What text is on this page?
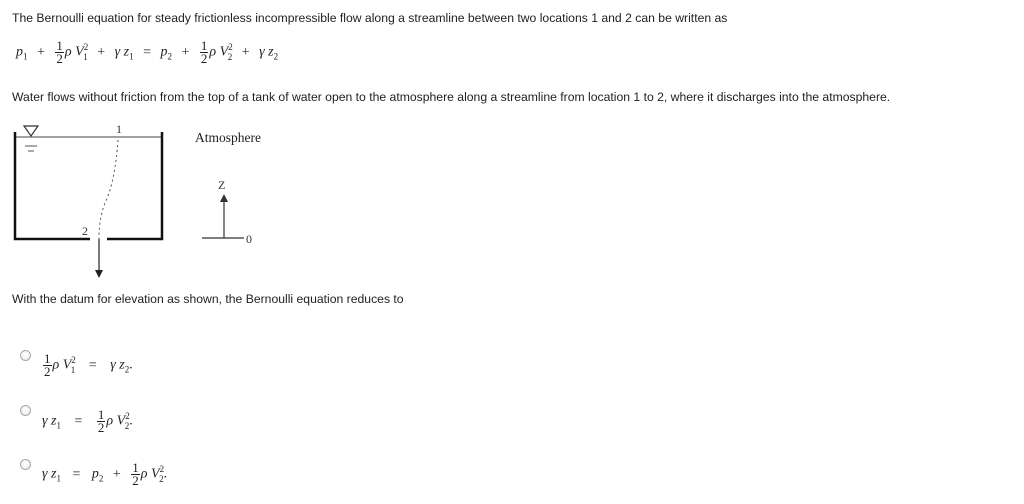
The Bernoulli equation for steady frictionless incompressible flow along a streamline between two locations 1 and 2 can be written as
$p_1 + \frac{1}{2}$ ρ $V^2_1 + \gamma$ $z_1 = p_2 + \frac{1}{2}$ ρ $V^2_2 + \gamma$ $z_2$
Water flows without friction from the top of a tank of water open to the atmosphere along a streamline from location 1 to 2, where it discharges into the atmosphere.
1
2
Atmosphere
Z
0
With the datum for elevation as shown, the Bernoulli equation reduces to
$\frac{1}{2}$ ρ $V^2_1 = \gamma$ $z_2$.
γ $z_1 = \frac{1}{2}$ ρ $V^2_2$.
γ $z_1 = p_2 + \frac{1}{2}$ ρ $V^2_2$.
